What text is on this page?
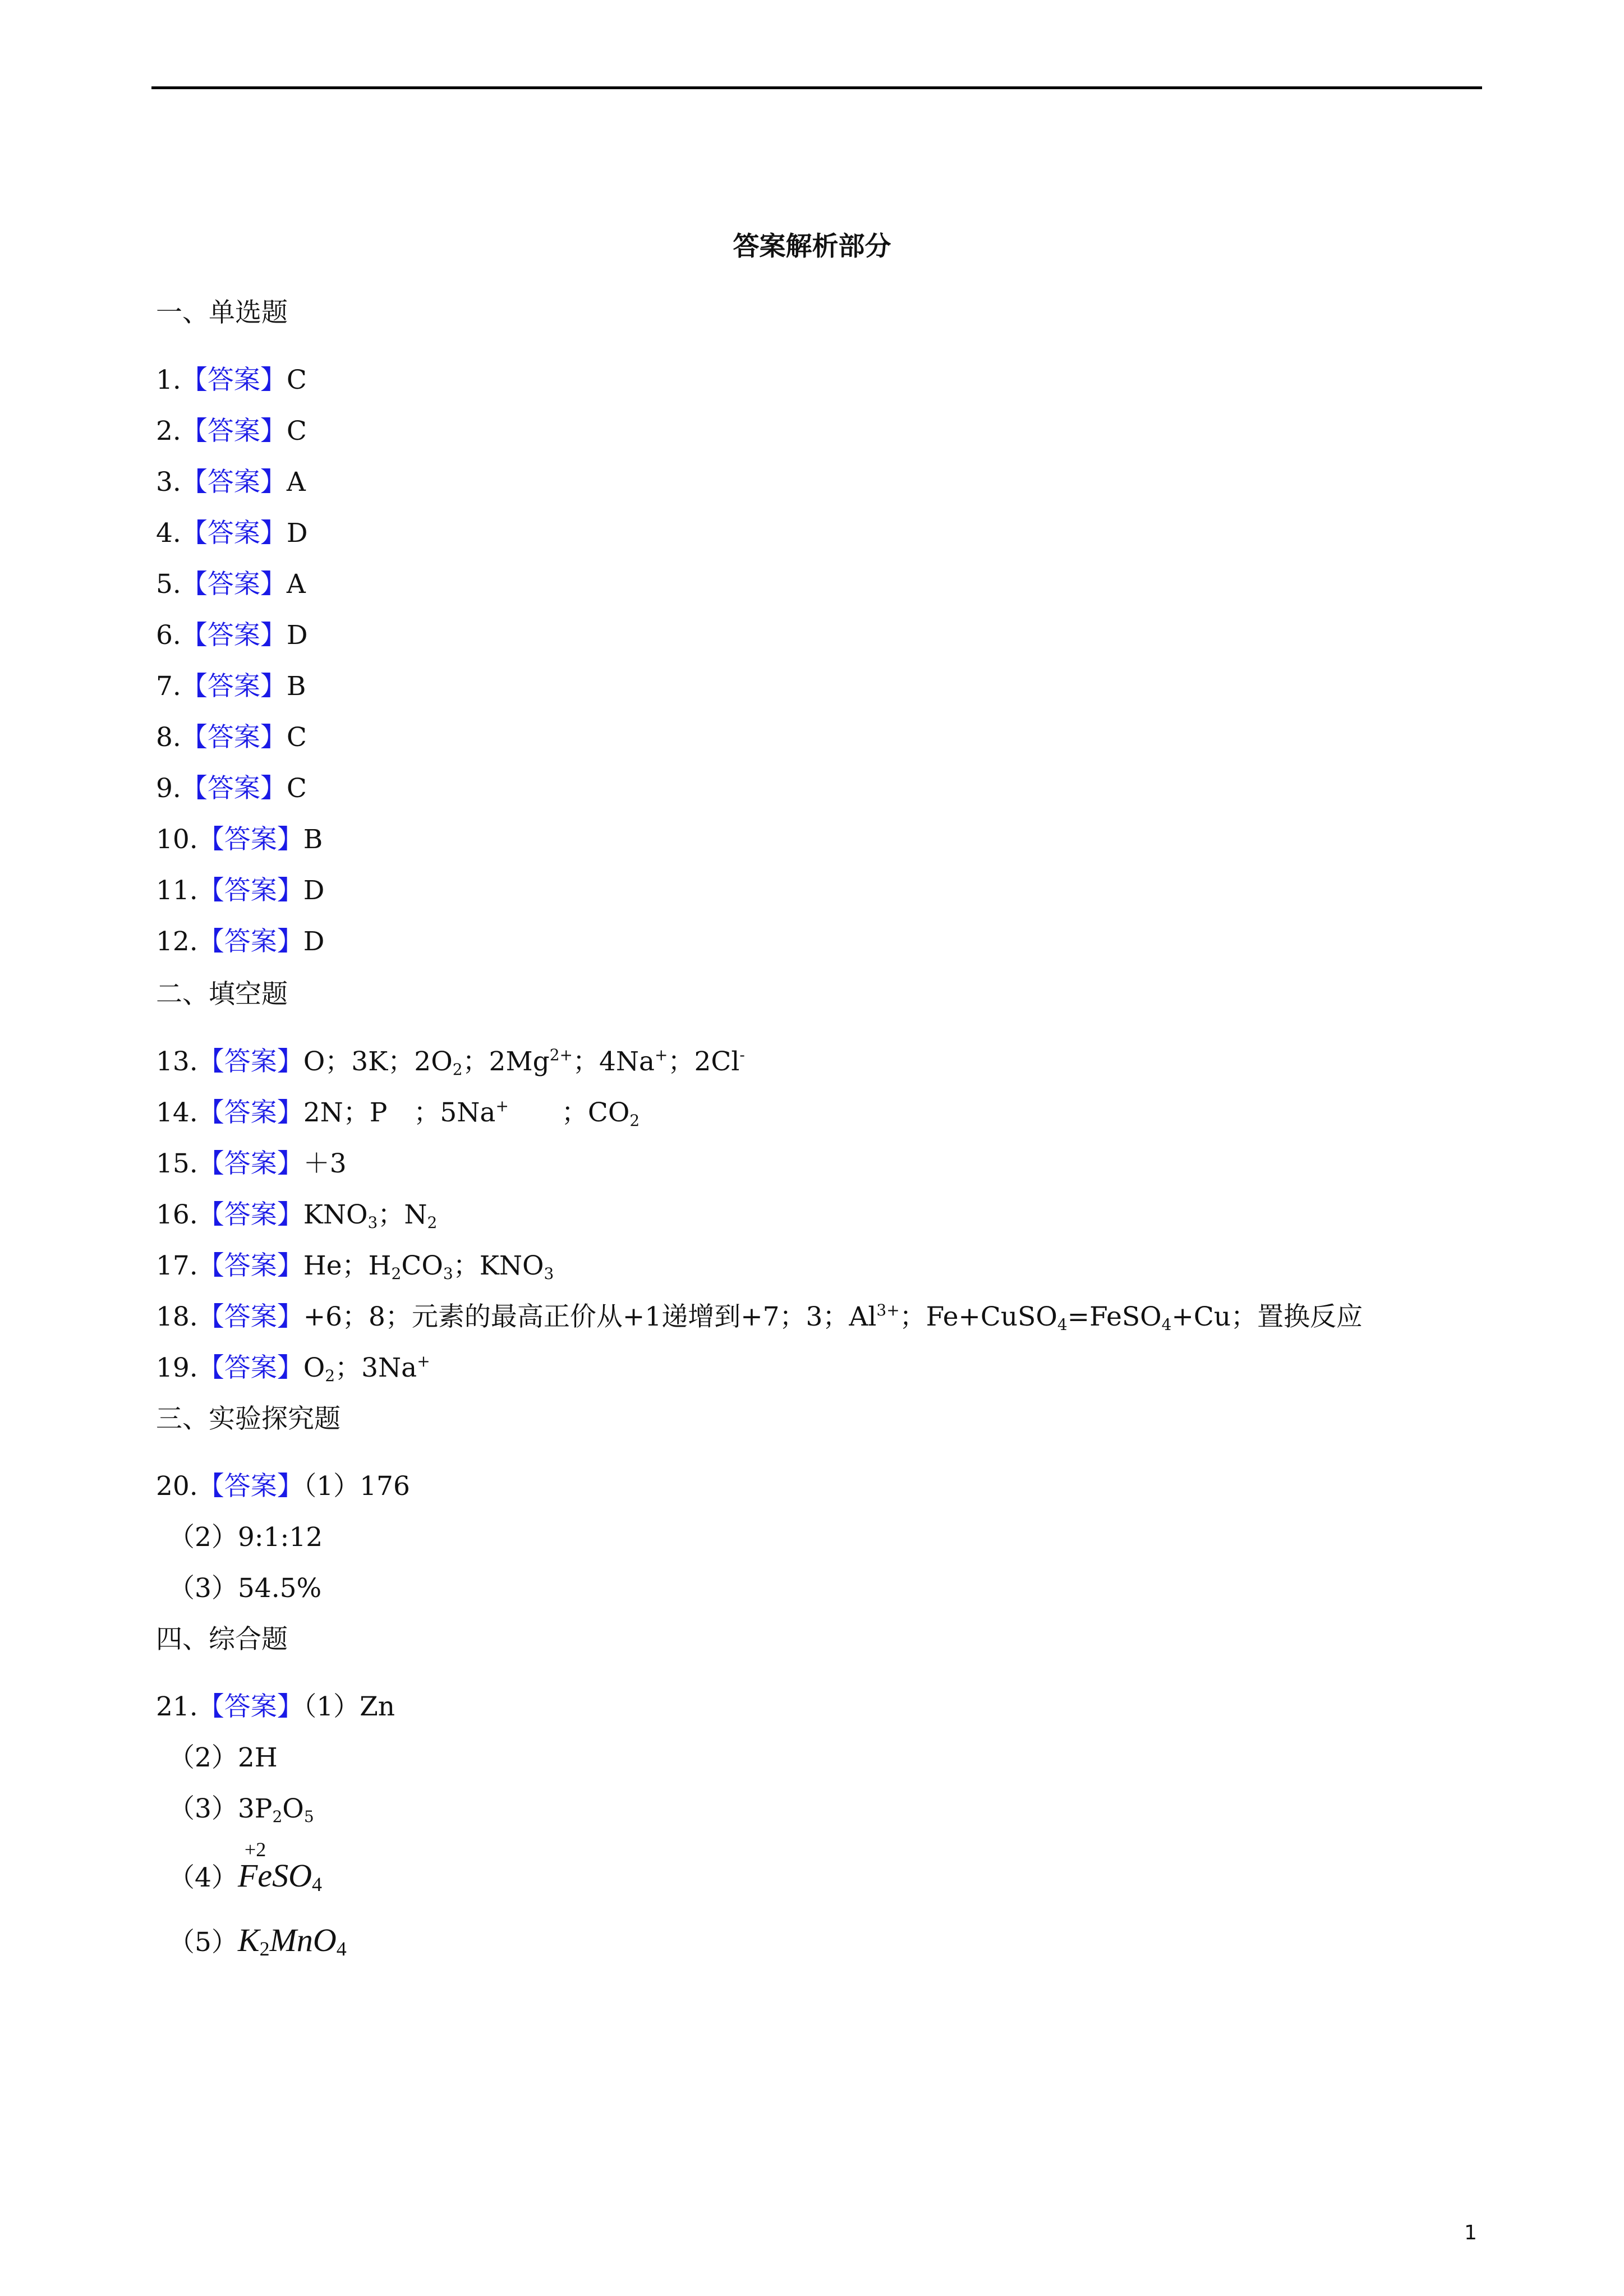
答案解析部分
一、单选题
1.【答案】C
2.【答案】C
3.【答案】A
4.【答案】D
5.【答案】A
6.【答案】D
7.【答案】B
8.【答案】C
9.【答案】C
10.【答案】B
11.【答案】D
12.【答案】D
二、填空题
13.【答案】O；3K；$2O_2$；$2Mg^{2+}$；4Na+；2Cl-
14.【答案】2N；P　；5Na+　　；$CO_2$
15.【答案】＋3
16.【答案】$KNO_3$；$N_2$
17.【答案】He；$H_2CO_3$；$KNO_3$
18.【答案】+6；8；元素的最高正价从+1递增到+7；3；$Al^{3+}$；Fe+CuSO$_4$=FeSO$_4$+Cu；置换反应
19.【答案】$O_2$；3Na+
三、实验探究题
20.【答案】（1）176
（2）9:1:12
（3）54.5%
四、综合题
21.【答案】（1）Zn
（2）2H
$(3)3P_2O_5$
（4）
+2
FeSO$_4$
$(5)K_2MnO_4$
1
